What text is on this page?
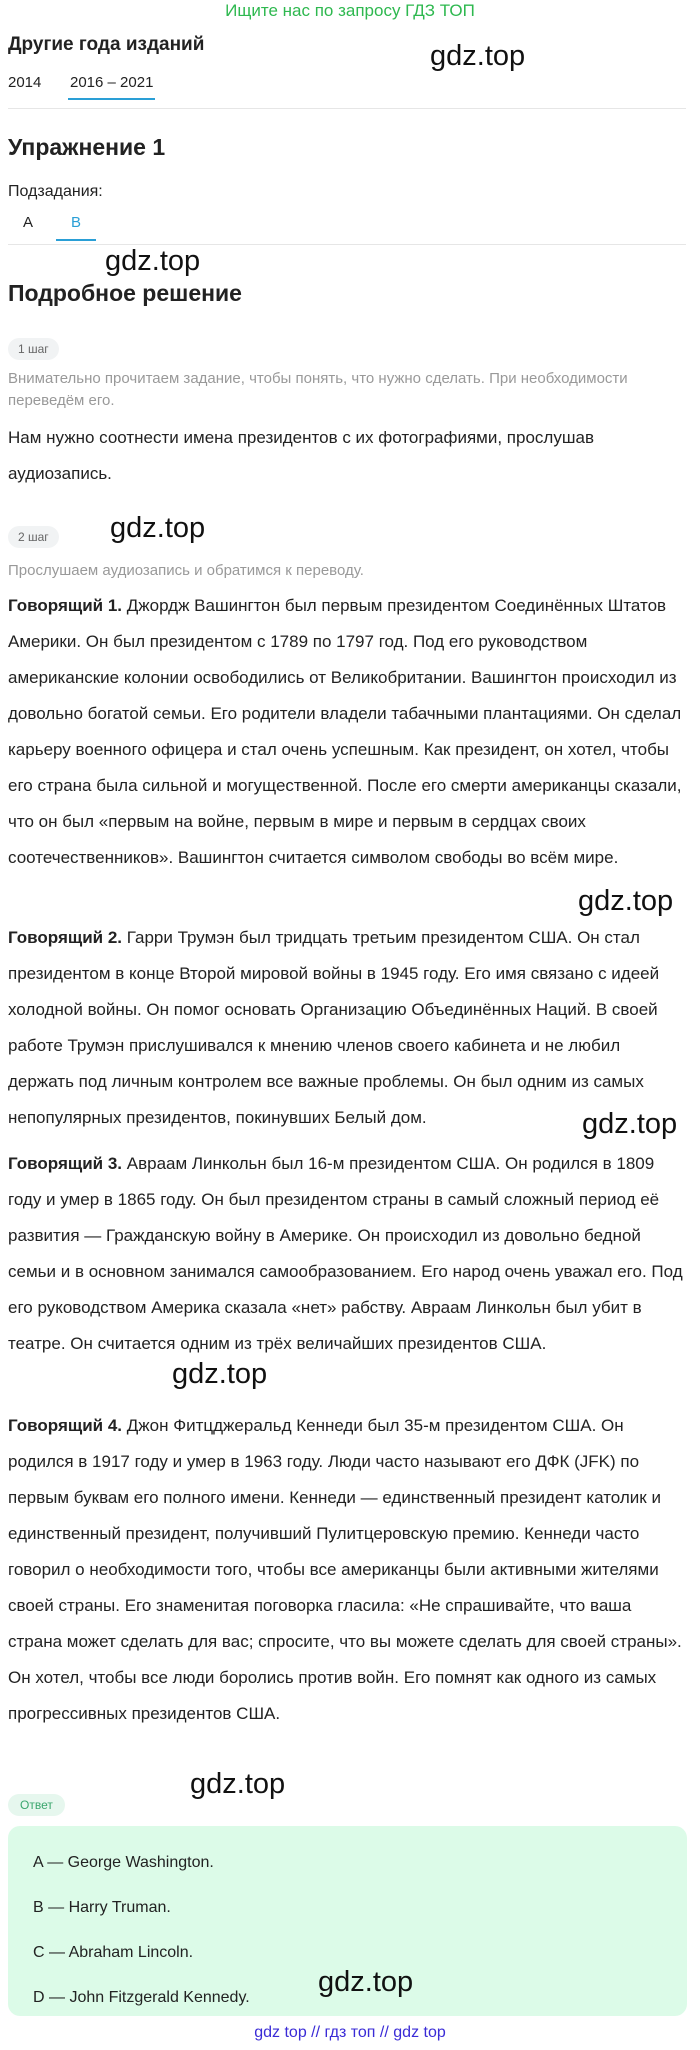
Ищите нас по запросу ГДЗ ТОП
Другие года изданий	gdz.top
2014 2016 – 2021
Упражнение 1
Подзадания:
A	B
gdz.top
Подробное решение
1 шаг
Внимательно прочитаем задание, чтобы понять, что нужно сделать. При необходимости переведём его.
Нам нужно соотнести имена президентов с их фотографиями, прослушав аудиозапись.
2 шаг	gdz.top
Прослушаем аудиозапись и обратимся к переводу.
Говорящий 1. Джордж Вашингтон был первым президентом Соединённых Штатов Америки. Он был президентом с 1789 по 1797 год. Под его руководством американские колонии освободились от Великобритании. Вашингтон происходил из довольно богатой семьи. Его родители владели табачными плантациями. Он сделал карьеру военного офицера и стал очень успешным. Как президент, он хотел, чтобы его страна была сильной и могущественной. После его смерти американцы сказали, что он был «первым на войне, первым в мире и первым в сердцах своих соотечественников». Вашингтон считается символом свободы во всём мире.
gdz.top
Говорящий 2. Гарри Трумэн был тридцать третьим президентом США. Он стал президентом в конце Второй мировой войны в 1945 году. Его имя связано с идеей холодной войны. Он помог основать Организацию Объединённых Наций. В своей работе Трумэн прислушивался к мнению членов своего кабинета и не любил держать под личным контролем все важные проблемы. Он был одним из самых непопулярных президентов, покинувших Белый дом.	gdz.top
Говорящий 3. Авраам Линкольн был 16-м президентом США. Он родился в 1809 году и умер в 1865 году. Он был президентом страны в самый сложный период её развития — Гражданскую войну в Америке. Он происходил из довольно бедной семьи и в основном занимался самообразованием. Его народ очень уважал его. Под его руководством Америка сказала «нет» рабству. Авраам Линкольн был убит в театре. Он считается одним из трёх величайших президентов США.
gdz.top
Говорящий 4. Джон Фитцджеральд Кеннеди был 35-м президентом США. Он родился в 1917 году и умер в 1963 году. Люди часто называют его ДФК (JFK) по первым буквам его полного имени. Кеннеди — единственный президент католик и единственный президент, получивший Пулитцеровскую премию. Кеннеди часто говорил о необходимости того, чтобы все американцы были активными жителями своей страны. Его знаменитая поговорка гласила: «Не спрашивайте, что ваша страна может сделать для вас; спросите, что вы можете сделать для своей страны». Он хотел, чтобы все люди боролись против войн. Его помнят как одного из самых прогрессивных президентов США.
gdz.top
Ответ
A — George Washington.
B — Harry Truman.
C — Abraham Lincoln.
D — John Fitzgerald Kennedy. gdz.top
gdz top // гдз топ // gdz top
